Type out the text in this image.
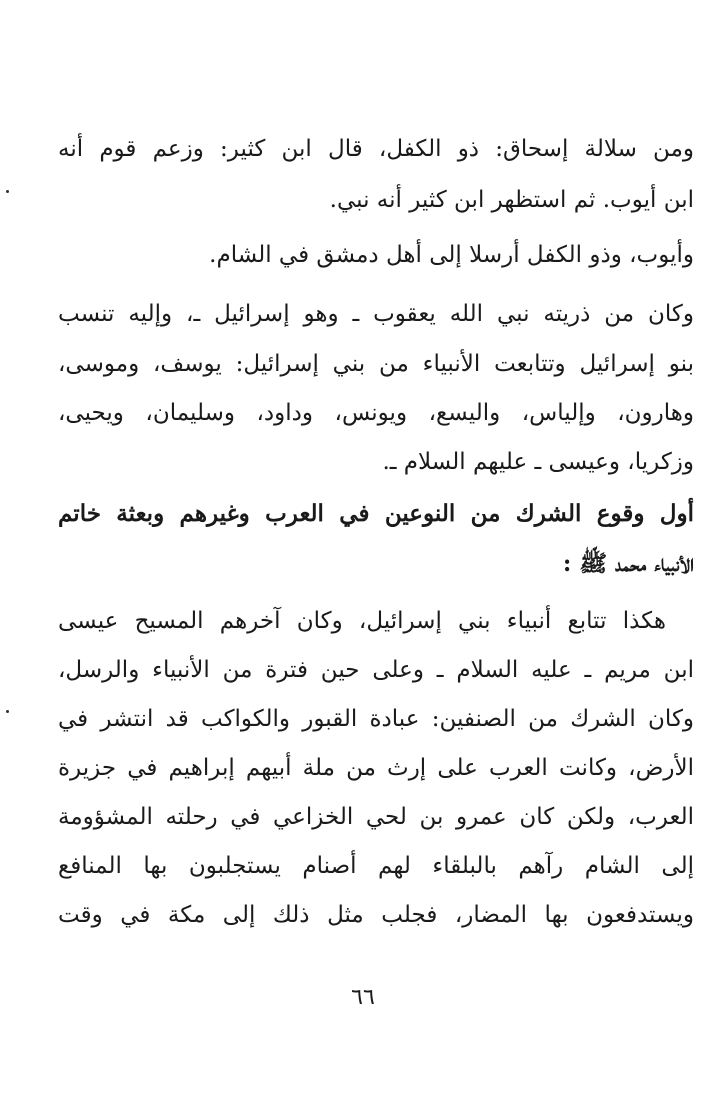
ومن سلالة إسحاق: ذو الكفل، قال ابن كثير: وزعم قوم أنه
ابن أيوب. ثم استظهر ابن كثير أنه نبي.
وأيوب، وذو الكفل أرسلا إلى أهل دمشق في الشام.
وكان من ذريته نبي الله يعقوب ـ وهو إسرائيل ـ، وإليه تنسب
بنو إسرائيل وتتابعت الأنبياء من بني إسرائيل: يوسف، وموسى،
وهارون، وإلياس، واليسع، ويونس، وداود، وسليمان، ويحيى،
وزكريا، وعيسى ـ عليهم السلام ـ.
أول وقوع الشرك من النوعين في العرب وغيرهم وبعثة خاتم
الأنبياء محمد ﷺ :
هكذا تتابع أنبياء بني إسرائيل، وكان آخرهم المسيح عيسى
ابن مريم ـ عليه السلام ـ وعلى حين فترة من الأنبياء والرسل،
وكان الشرك من الصنفين: عبادة القبور والكواكب قد انتشر في
الأرض، وكانت العرب على إرث من ملة أبيهم إبراهيم في جزيرة
العرب، ولكن كان عمرو بن لحي الخزاعي في رحلته المشؤومة
إلى الشام رآهم بالبلقاء لهم أصنام يستجلبون بها المنافع
ويستدفعون بها المضار، فجلب مثل ذلك إلى مكة في وقت
٦٦
